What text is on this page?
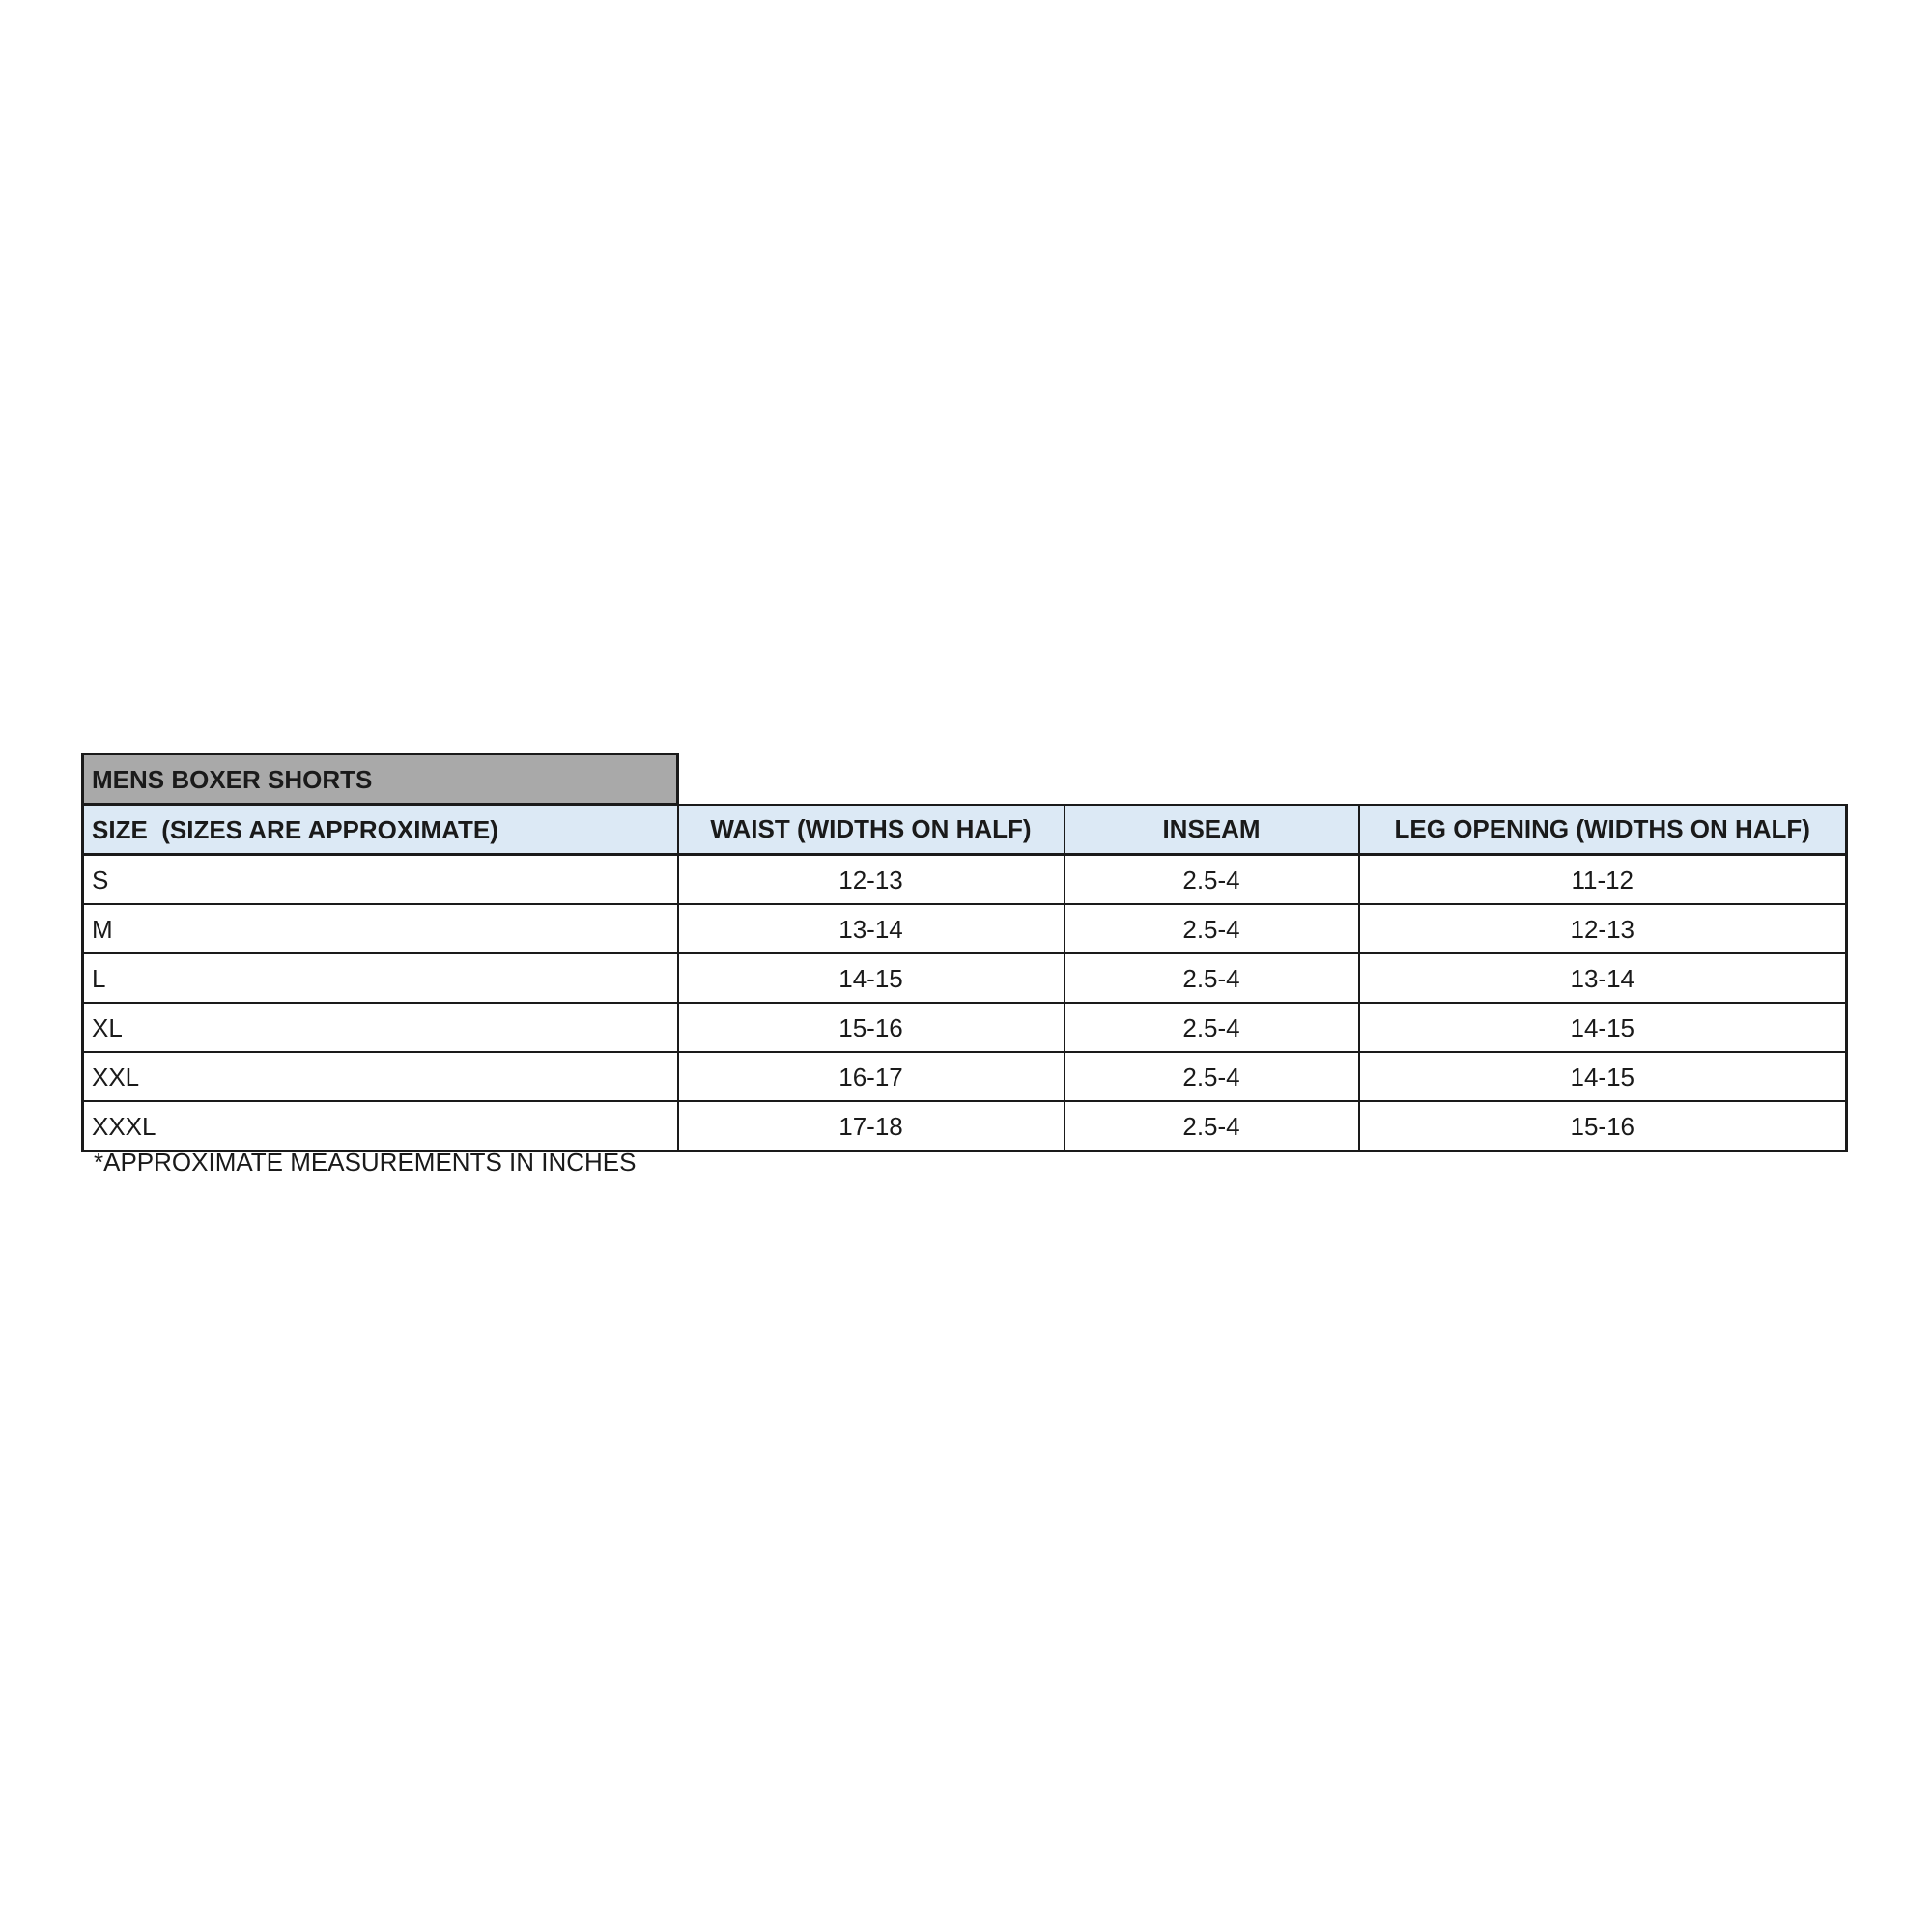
MENS BOXER SHORTS			
SIZE  (SIZES ARE APPROXIMATE)	WAIST (WIDTHS ON HALF)	INSEAM	LEG OPENING (WIDTHS ON HALF)
S	12-13	2.5-4	11-12
M	13-14	2.5-4	12-13
L	14-15	2.5-4	13-14
XL	15-16	2.5-4	14-15
XXL	16-17	2.5-4	14-15
XXXL	17-18	2.5-4	15-16
*APPROXIMATE MEASUREMENTS IN INCHES
